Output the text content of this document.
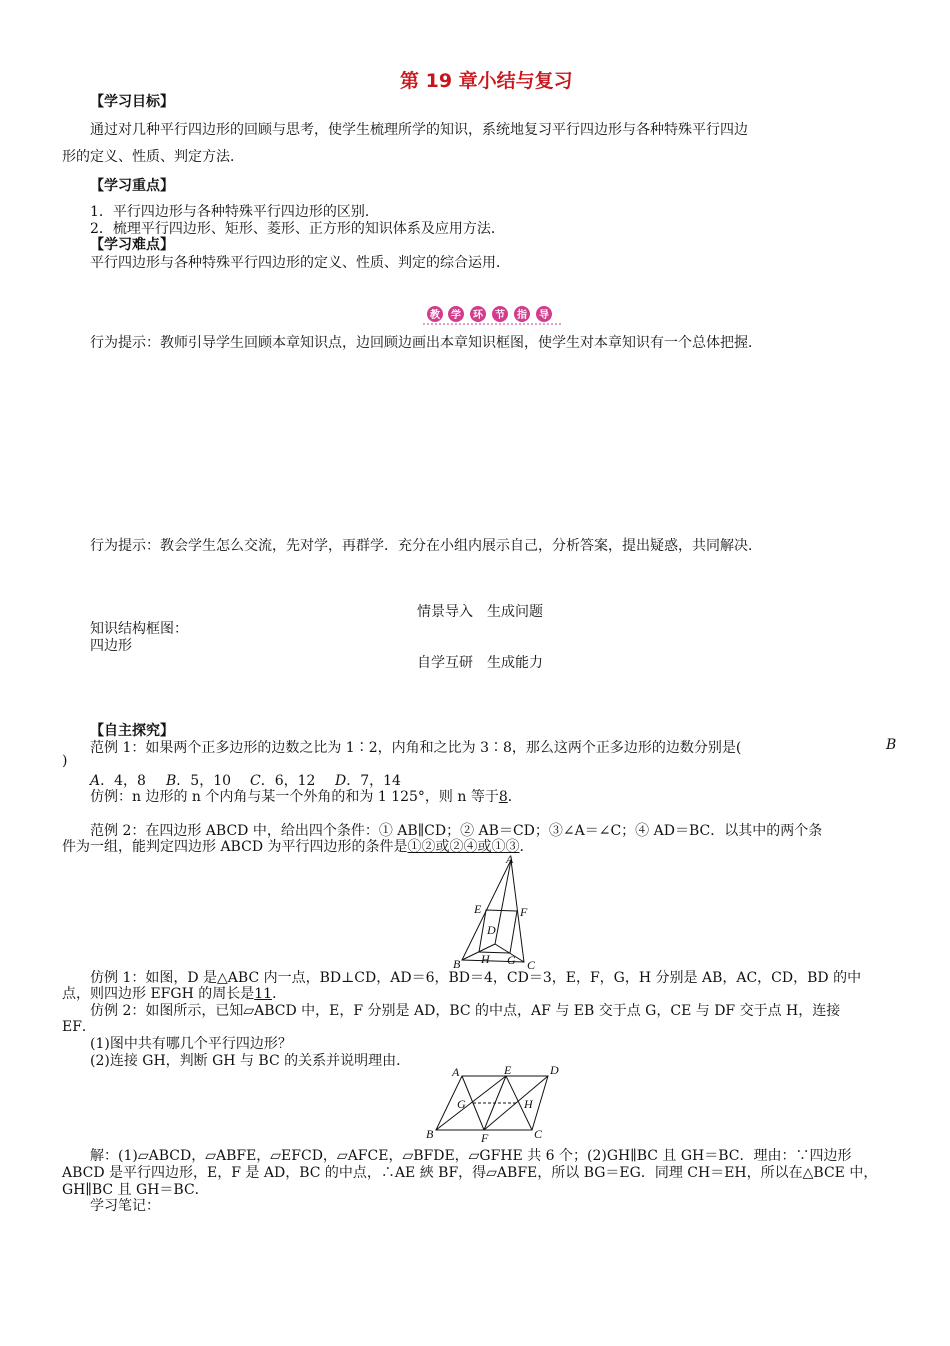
第 19 章小结与复习
【学习目标】
通过对几种平行四边形的回顾与思考，使学生梳理所学的知识，系统地复习平行四边形与各种特殊平行四边
形的定义、性质、判定方法．
【学习重点】
1．平行四边形与各种特殊平行四边形的区别．
2．梳理平行四边形、矩形、菱形、正方形的知识体系及应用方法．
【学习难点】
平行四边形与各种特殊平行四边形的定义、性质、判定的综合运用．
教 学 环 节 指 导
行为提示：教师引导学生回顾本章知识点，边回顾边画出本章知识框图，使学生对本章知识有一个总体把握．
行为提示：教会学生怎么交流，先对学，再群学．充分在小组内展示自己，分析答案，提出疑惑，共同解决．
情景导入　生成问题
知识结构框图：
四边形
自学互研　生成能力
【自主探究】
范例 1：如果两个正多边形的边数之比为 1∶2，内角和之比为 3∶8，那么这两个正多边形的边数分别是(	B
)
A．4，8 B．5，10 C．6，12 D．7，14
仿例：n 边形的 n 个内角与某一个外角的和为 1 125°，则 n 等于8．
范例 2：在四边形 ABCD 中，给出四个条件：① AB∥CD；② AB＝CD；③∠A＝∠C；④ AD＝BC．以其中的两个条
件为一组，能判定四边形 ABCD 为平行四边形的条件是①②或②④或①③．
A
B	C
D
E	F
G
H
仿例 1：如图，D 是△ABC 内一点，BD⊥CD，AD＝6，BD＝4，CD＝3，E，F，G，H 分别是 AB，AC，CD，BD 的中
点，则四边形 EFGH 的周长是11．
仿例 2：如图所示，已知▱ABCD 中，E，F 分别是 AD，BC 的中点，AF 与 EB 交于点 G，CE 与 DF 交于点 H，连接
EF．
(1)图中共有哪几个平行四边形？
(2)连接 GH，判断 GH 与 BC 的关系并说明理由．
A	E	D
B	F	C
G	H
解：(1)▱ABCD，▱ABFE，▱EFCD，▱AFCE，▱BFDE，▱GFHE 共 6 个；(2)GH∥BC 且 GH＝BC．理由：∵四边形
ABCD 是平行四边形，E，F 是 AD，BC 的中点，∴AE 綊 BF，得▱ABFE，所以 BG＝EG．同理 CH＝EH，所以在△BCE 中，
GH∥BC 且 GH＝BC．
学习笔记：
